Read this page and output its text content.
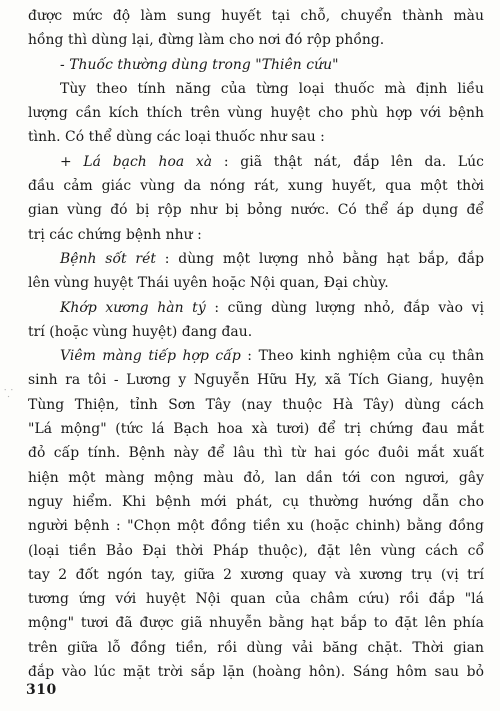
được mức độ làm sung huyết tại chỗ, chuyển thành màu
hồng thì dùng lại, đừng làm cho nơi đó rộp phồng.
- Thuốc thường dùng trong "Thiên cứu"
Tùy theo tính năng của từng loại thuốc mà định liều
lượng cần kích thích trên vùng huyệt cho phù hợp với bệnh
tình. Có thể dùng các loại thuốc như sau :
+ Lá bạch hoa xà : giã thật nát, đắp lên da. Lúc
đầu cảm giác vùng da nóng rát, xung huyết, qua một thời
gian vùng đó bị rộp như bị bỏng nước. Có thể áp dụng để
trị các chứng bệnh như :
Bệnh sốt rét : dùng một lượng nhỏ bằng hạt bắp, đắp
lên vùng huyệt Thái uyên hoặc Nội quan, Đại chùy.
Khớp xương hàn tý : cũng dùng lượng nhỏ, đắp vào vị
trí (hoặc vùng huyệt) đang đau.
Viêm màng tiếp hợp cấp : Theo kinh nghiệm của cụ thân
sinh ra tôi - Lương y Nguyễn Hữu Hy, xã Tích Giang, huyện
Tùng Thiện, tỉnh Sơn Tây (nay thuộc Hà Tây) dùng cách
"Lá mộng" (tức lá Bạch hoa xà tươi) để trị chứng đau mắt
đỏ cấp tính. Bệnh này để lâu thì từ hai góc đuôi mắt xuất
hiện một màng mộng màu đỏ, lan dần tới con ngươi, gây
nguy hiểm. Khi bệnh mới phát, cụ thường hướng dẫn cho
người bệnh : "Chọn một đồng tiền xu (hoặc chinh) bằng đồng
(loại tiền Bảo Đại thời Pháp thuộc), đặt lên vùng cách cổ
tay 2 đốt ngón tay, giữa 2 xương quay và xương trụ (vị trí
tương ứng với huyệt Nội quan của châm cứu) rồi đắp "lá
mộng" tươi đã được giã nhuyễn bằng hạt bắp to đặt lên phía
trên giữa lỗ đồng tiền, rồi dùng vải băng chặt. Thời gian
đắp vào lúc mặt trời sắp lặn (hoàng hôn). Sáng hôm sau bỏ
⸪
310
